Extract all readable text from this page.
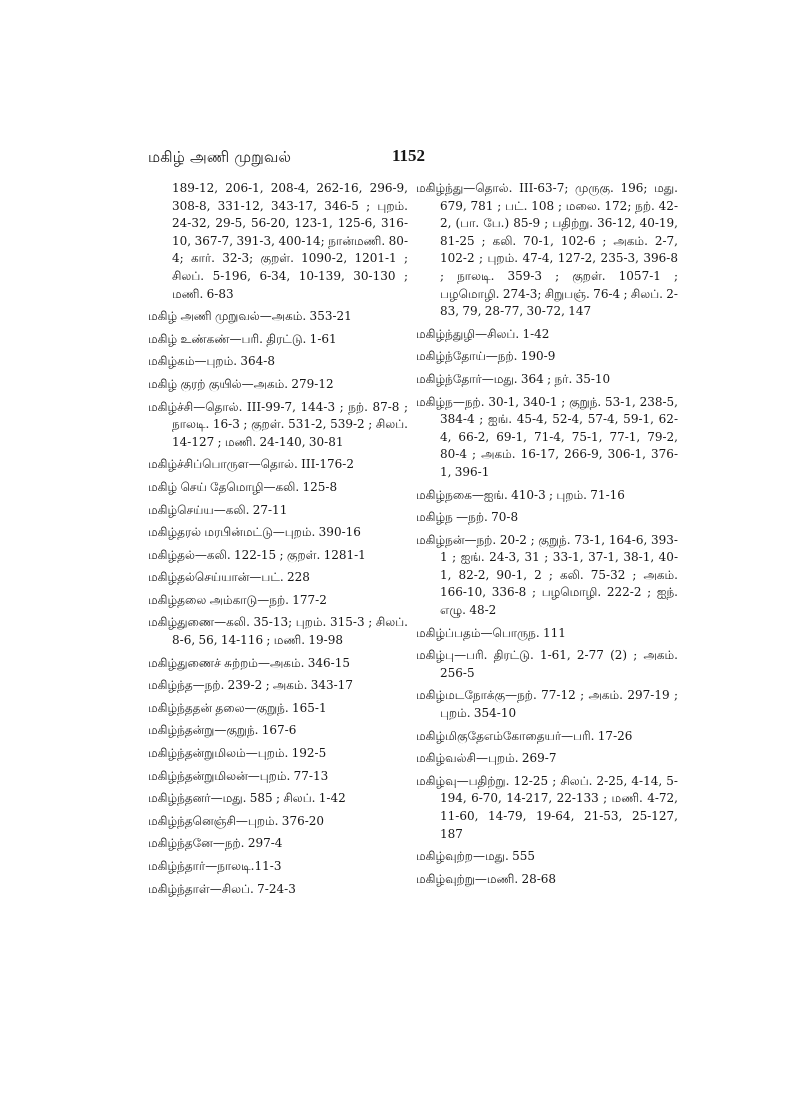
மகிழ் அணி முறுவல்	1152

189-12, 206-1, 208-4, 262-16, 296-9, 308-8, 331-12, 343-17, 346-5 ; புறம். 24-32, 29-5, 56-20, 123-1, 125-6, 316-10, 367-7, 391-3, 400-14; நான்மணி. 80-4; கார். 32-3; குறள். 1090-2, 1201-1 ; சிலப். 5-196, 6-34, 10-139, 30-130 ; மணி. 6-83

மகிழ் அணி முறுவல்—அகம். 353-21

மகிழ் உண்கண்—பரி. திரட்டு. 1-61

மகிழ்கம்—புறம். 364-8

மகிழ் குரற் குயில்—அகம். 279-12

மகிழ்ச்சி—தொல். III-99-7, 144-3 ; நற். 87-8 ; நாலடி. 16-3 ; குறள். 531-2, 539-2 ; சிலப். 14-127 ; மணி. 24-140, 30-81

மகிழ்ச்சிப்பொருள—தொல். III-176-2

மகிழ் செய் தேமொழி—கலி. 125-8

மகிழ்செய்ய—கலி. 27-11

மகிழ்தரல் மரபின்மட்டு—புறம். 390-16

மகிழ்தல்—கலி. 122-15 ; குறள். 1281-1

மகிழ்தல்செய்யான்—பட். 228

மகிழ்தலை அம்காடு—நற். 177-2

மகிழ்துணை—கலி. 35-13; புறம். 315-3 ; சிலப். 8-6, 56, 14-116 ; மணி. 19-98

மகிழ்துணைச் சுற்றம்—அகம். 346-15

மகிழ்ந்த—நற். 239-2 ; அகம். 343-17

மகிழ்ந்ததன் தலை—குறுந். 165-1

மகிழ்ந்தன்று—குறுந். 167-6

மகிழ்ந்தன்றுமிலம்—புறம். 192-5

மகிழ்ந்தன்றுமிலன்—புறம். 77-13

மகிழ்ந்தனர்—மது. 585 ; சிலப். 1-42

மகிழ்ந்தனெஞ்சி—புறம். 376-20

மகிழ்ந்தனே—நற். 297-4

மகிழ்ந்தார்—நாலடி.11-3

மகிழ்ந்தாள்—சிலப். 7-24-3

மகிழ்ந்து—தொல். III-63-7; முருகு. 196; மது. 679, 781 ; பட். 108 ; மலை. 172; நற். 42-2, (பா. பே.) 85-9 ; பதிற்று. 36-12, 40-19, 81-25 ; கலி. 70-1, 102-6 ; அகம். 2-7, 102-2 ; புறம். 47-4, 127-2, 235-3, 396-8 ; நாலடி. 359-3 ; குறள். 1057-1 ; பழமொழி. 274-3; சிறுபஞ். 76-4 ; சிலப். 2-83, 79, 28-77, 30-72, 147

மகிழ்ந்துழி—சிலப். 1-42

மகிழ்ந்தோய்—நற். 190-9

மகிழ்ந்தோர்—மது. 364 ; நர். 35-10

மகிழ்ந—நற். 30-1, 340-1 ; குறுந். 53-1, 238-5, 384-4 ; ஐங். 45-4, 52-4, 57-4, 59-1, 62-4, 66-2, 69-1, 71-4, 75-1, 77-1, 79-2, 80-4 ; அகம். 16-17, 266-9, 306-1, 376-1, 396-1

மகிழ்நகை—ஐங். 410-3 ; புறம். 71-16

மகிழ்ந —நற். 70-8

மகிழ்நன்—நற். 20-2 ; குறுந். 73-1, 164-6, 393-1 ; ஐங். 24-3, 31 ; 33-1, 37-1, 38-1, 40-1, 82-2, 90-1, 2 ; கலி. 75-32 ; அகம். 166-10, 336-8 ; பழமொழி. 222-2 ; ஐந். எழு. 48-2

மகிழ்ப்பதம்—பொருந. 111

மகிழ்பு—பரி. திரட்டு. 1-61, 2-77 (2) ; அகம். 256-5

மகிழ்மடநோக்கு—நற். 77-12 ; அகம். 297-19 ; புறம். 354-10

மகிழ்மிகுதேஎம்கோதையர்—பரி. 17-26

மகிழ்வல்சி—புறம். 269-7

மகிழ்வு—பதிற்று. 12-25 ; சிலப். 2-25, 4-14, 5-194, 6-70, 14-217, 22-133 ; மணி. 4-72, 11-60, 14-79, 19-64, 21-53, 25-127, 187

மகிழ்வுற்ற—மது. 555

மகிழ்வுற்று—மணி. 28-68
